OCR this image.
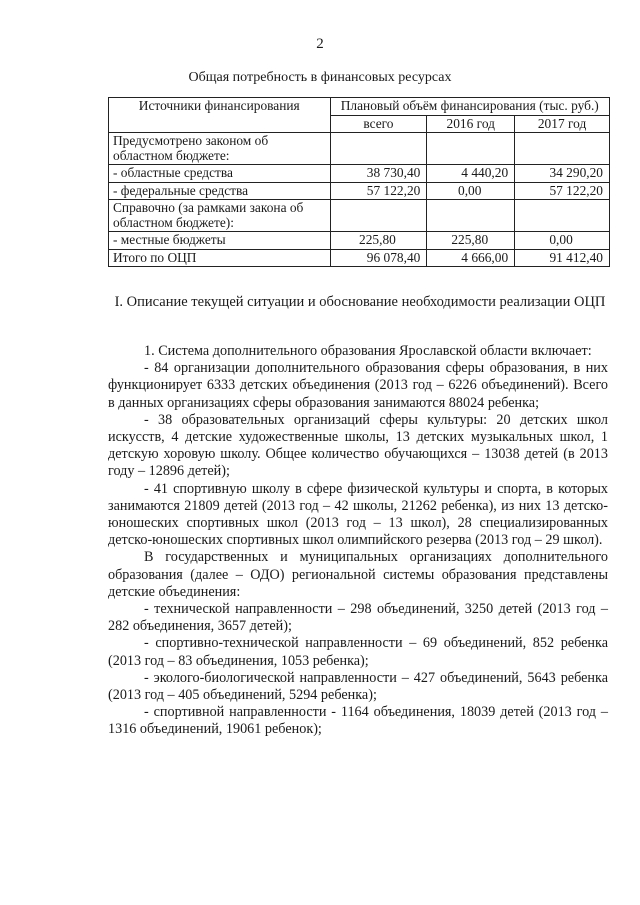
2
Общая потребность в финансовых ресурсах
Источники финансирования	Плановый объём финансирования (тыс. руб.)		
	всего	2016 год	2017 год
Предусмотрено законом об областном бюджете:			
- областные средства	38 730,40	4 440,20	34 290,20
- федеральные средства	57 122,20	0,00	57 122,20
Справочно (за рамками закона об областном бюджете):			
- местные бюджеты	225,80	225,80	0,00
Итого по ОЦП	96 078,40	4 666,00	91 412,40
I. Описание текущей ситуации и обоснование необходимости реализации ОЦП

1. Система дополнительного образования Ярославской области включает:

- 84 организации дополнительного образования сферы образования, в них функционирует 6333 детских объединения (2013 год – 6226 объединений). Всего в данных организациях сферы образования занимаются 88024 ребенка;

- 38 образовательных организаций сферы культуры: 20 детских школ искусств, 4 детские художественные школы, 13 детских музыкальных школ, 1 детскую хоровую школу. Общее количество обучающихся – 13038 детей (в 2013 году – 12896 детей);

- 41 спортивную школу в сфере физической культуры и спорта, в которых занимаются 21809 детей (2013 год – 42 школы, 21262 ребенка), из них 13 детско-юношеских спортивных школ (2013 год – 13 школ), 28 специализированных детско-юношеских спортивных школ олимпийского резерва (2013 год – 29 школ).

В государственных и муниципальных организациях дополнительного образования (далее – ОДО) региональной системы образования представлены детские объединения:

- технической направленности – 298 объединений, 3250 детей (2013 год – 282 объединения, 3657 детей);

- спортивно-технической направленности – 69 объединений, 852 ребенка (2013 год – 83 объединения, 1053 ребенка);

- эколого-биологической направленности – 427 объединений, 5643 ребенка (2013 год – 405 объединений, 5294 ребенка);

- спортивной направленности - 1164 объединения, 18039 детей (2013 год – 1316 объединений, 19061 ребенок);
